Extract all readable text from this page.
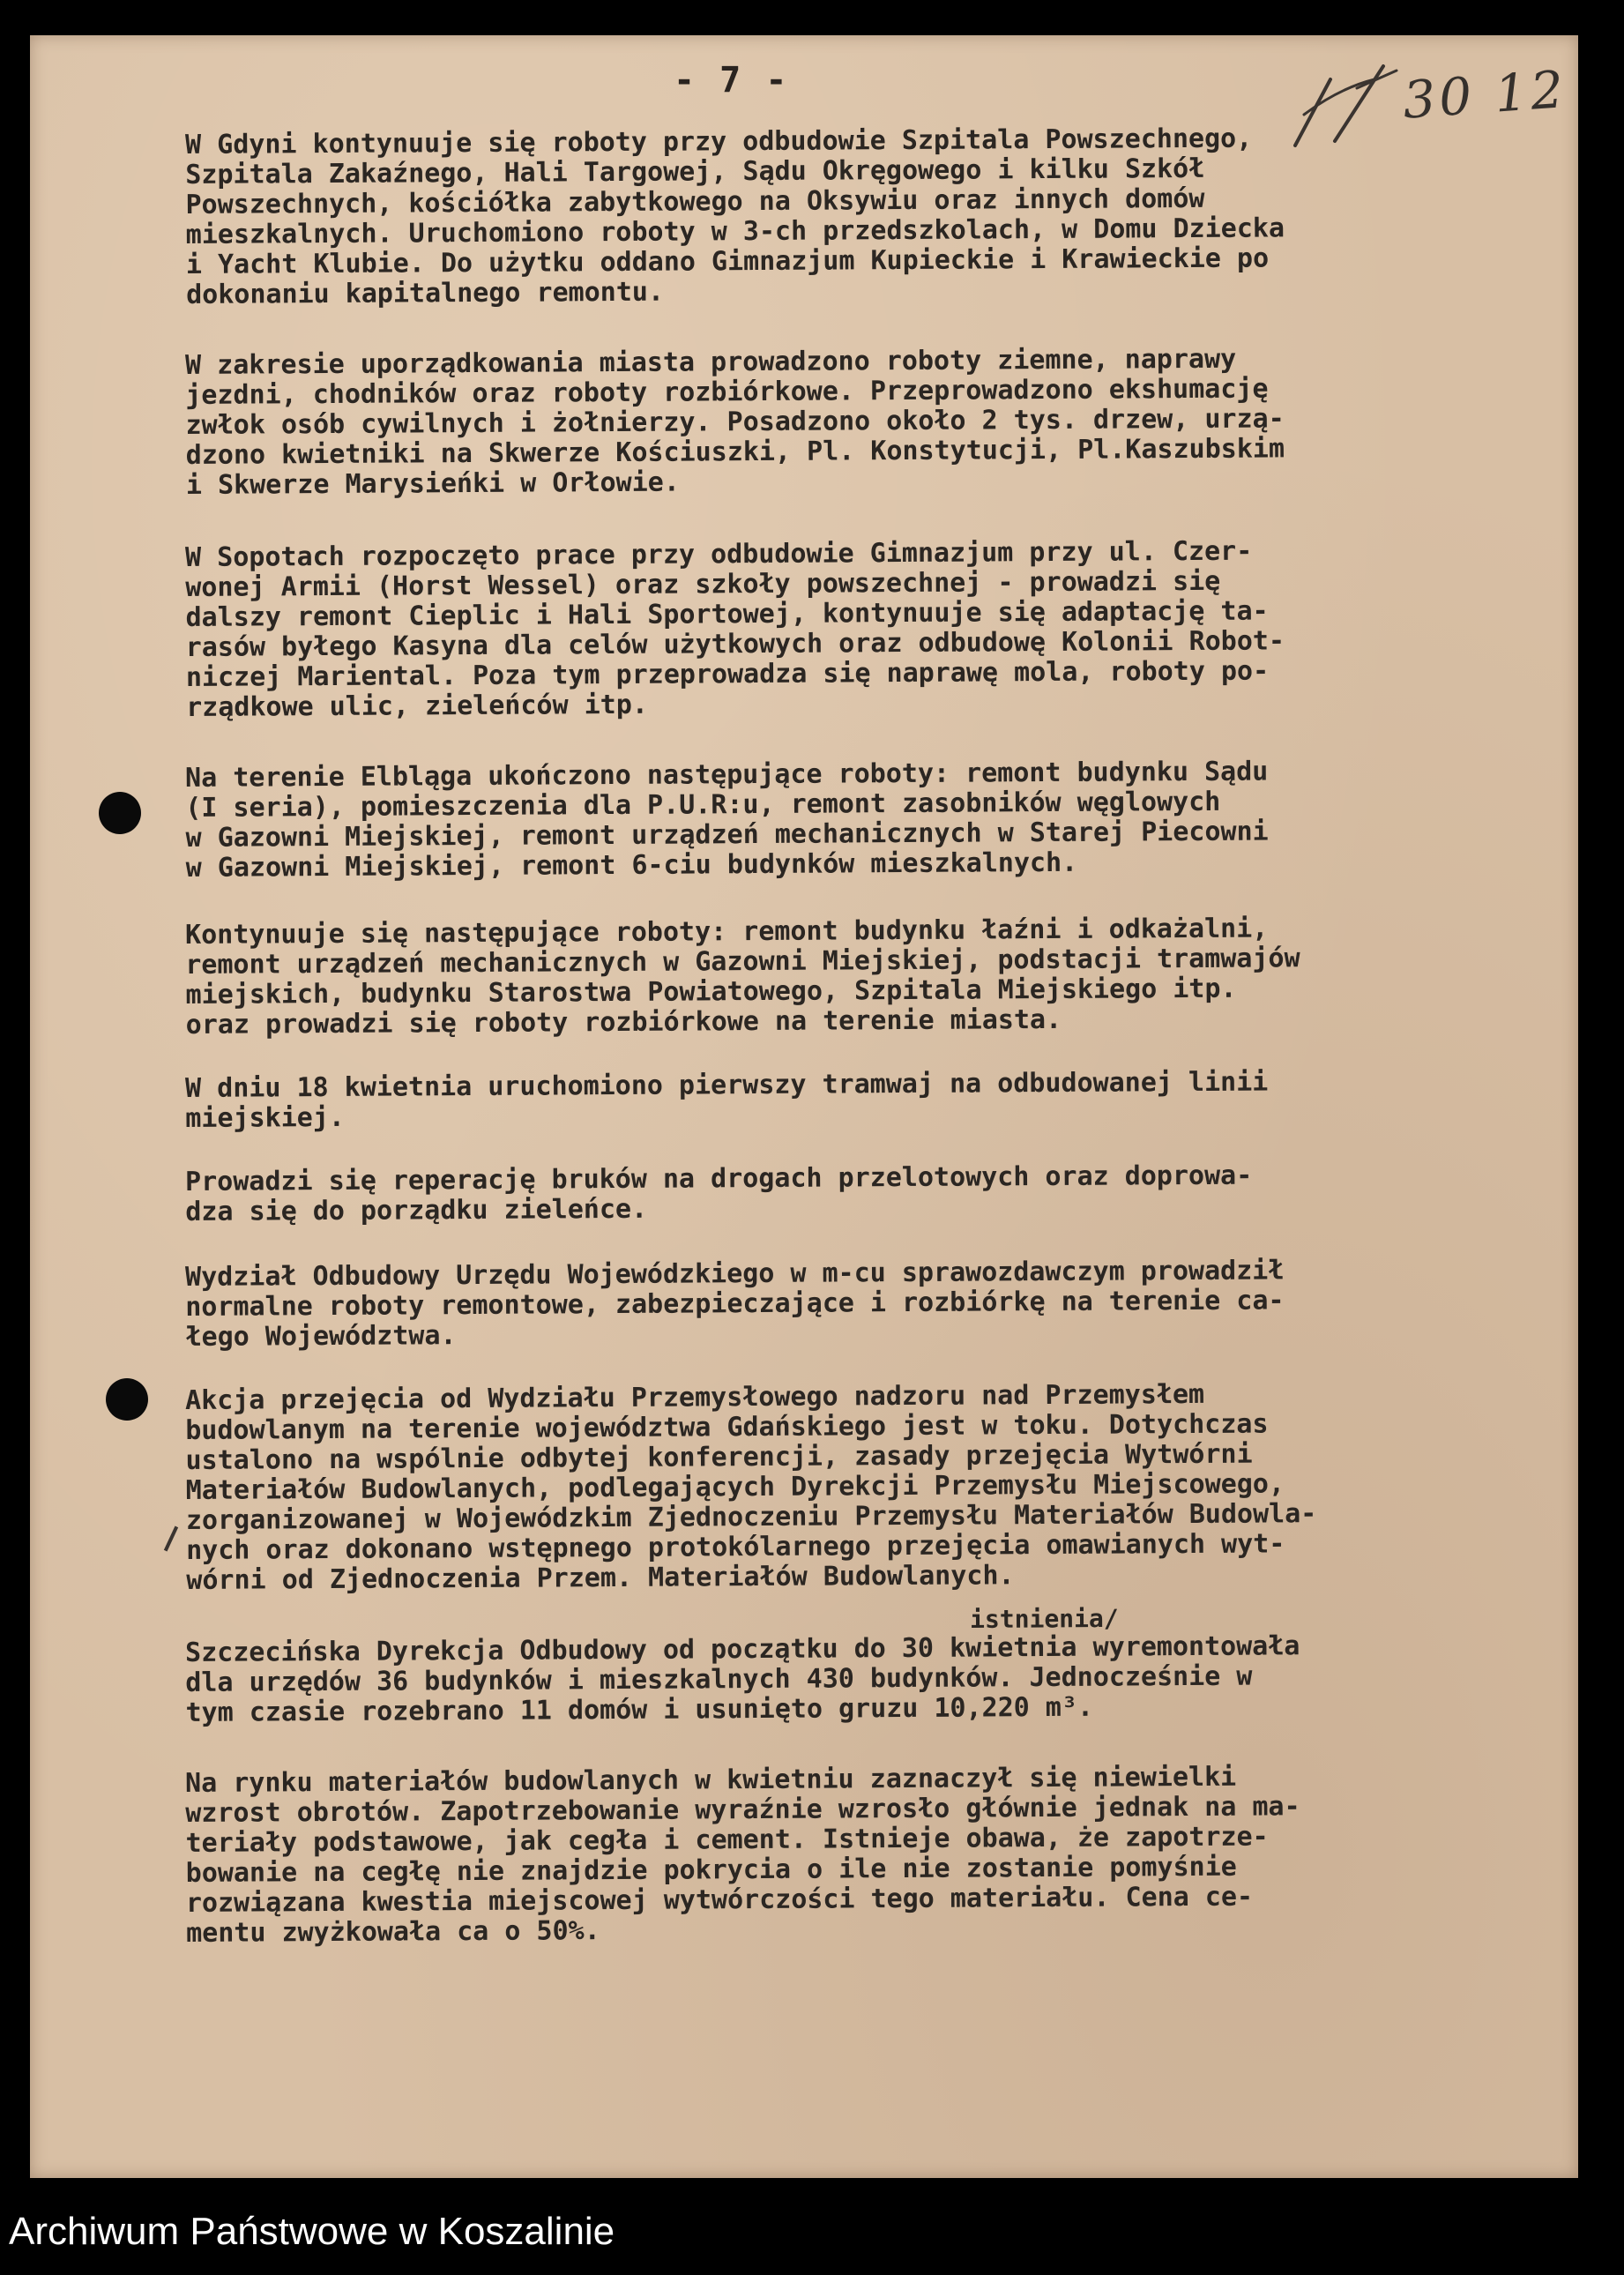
- 7 -	30 12
W Gdyni kontynuuje się roboty przy odbudowie Szpitala Powszechnego,
Szpitala Zakaźnego, Hali Targowej, Sądu Okręgowego i kilku Szkół
Powszechnych, kościółka zabytkowego na Oksywiu oraz innych domów
mieszkalnych. Uruchomiono roboty w 3-ch przedszkolach, w Domu Dziecka
i Yacht Klubie. Do użytku oddano Gimnazjum Kupieckie i Krawieckie po
dokonaniu kapitalnego remontu.
W zakresie uporządkowania miasta prowadzono roboty ziemne, naprawy
jezdni, chodników oraz roboty rozbiórkowe. Przeprowadzono ekshumację
zwłok osób cywilnych i żołnierzy. Posadzono około 2 tys. drzew, urzą-
dzono kwietniki na Skwerze Kościuszki, Pl. Konstytucji, Pl.Kaszubskim
i Skwerze Marysieńki w Orłowie.
W Sopotach rozpoczęto prace przy odbudowie Gimnazjum przy ul. Czer-
wonej Armii (Horst Wessel) oraz szkoły powszechnej - prowadzi się
dalszy remont Cieplic i Hali Sportowej, kontynuuje się adaptację ta-
rasów byłego Kasyna dla celów użytkowych oraz odbudowę Kolonii Robot-
niczej Mariental. Poza tym przeprowadza się naprawę mola, roboty po-
rządkowe ulic, zieleńców itp.
Na terenie Elbląga ukończono następujące roboty: remont budynku Sądu
(I seria), pomieszczenia dla P.U.R:u, remont zasobników węglowych
w Gazowni Miejskiej, remont urządzeń mechanicznych w Starej Piecowni
w Gazowni Miejskiej, remont 6-ciu budynków mieszkalnych.
Kontynuuje się następujące roboty: remont budynku łaźni i odkażalni,
remont urządzeń mechanicznych w Gazowni Miejskiej, podstacji tramwajów
miejskich, budynku Starostwa Powiatowego, Szpitala Miejskiego itp.
oraz prowadzi się roboty rozbiórkowe na terenie miasta.
W dniu 18 kwietnia uruchomiono pierwszy tramwaj na odbudowanej linii
miejskiej.
Prowadzi się reperację bruków na drogach przelotowych oraz doprowa-
dza się do porządku zieleńce.
Wydział Odbudowy Urzędu Wojewódzkiego w m-cu sprawozdawczym prowadził
normalne roboty remontowe, zabezpieczające i rozbiórkę na terenie ca-
łego Województwa.
Akcja przejęcia od Wydziału Przemysłowego nadzoru nad Przemysłem
budowlanym na terenie województwa Gdańskiego jest w toku. Dotychczas
ustalono na wspólnie odbytej konferencji, zasady przejęcia Wytwórni
Materiałów Budowlanych, podlegających Dyrekcji Przemysłu Miejscowego,
zorganizowanej w Wojewódzkim Zjednoczeniu Przemysłu Materiałów Budowla-
nych oraz dokonano wstępnego protokólarnego przejęcia omawianych wyt-
wórni od Zjednoczenia Przem. Materiałów Budowlanych.
istnienia/
Szczecińska Dyrekcja Odbudowy od początku do 30 kwietnia wyremontowała
dla urzędów 36 budynków i mieszkalnych 430 budynków. Jednocześnie w
tym czasie rozebrano 11 domów i usunięto gruzu 10,220 m³.
Na rynku materiałów budowlanych w kwietniu zaznaczył się niewielki
wzrost obrotów. Zapotrzebowanie wyraźnie wzrosło głównie jednak na ma-
teriały podstawowe, jak cegła i cement. Istnieje obawa, że zapotrze-
bowanie na cegłę nie znajdzie pokrycia o ile nie zostanie pomyśnie
rozwiązana kwestia miejscowej wytwórczości tego materiału. Cena ce-
mentu zwyżkowała ca o 50%.
Archiwum Państwowe w Koszalinie
